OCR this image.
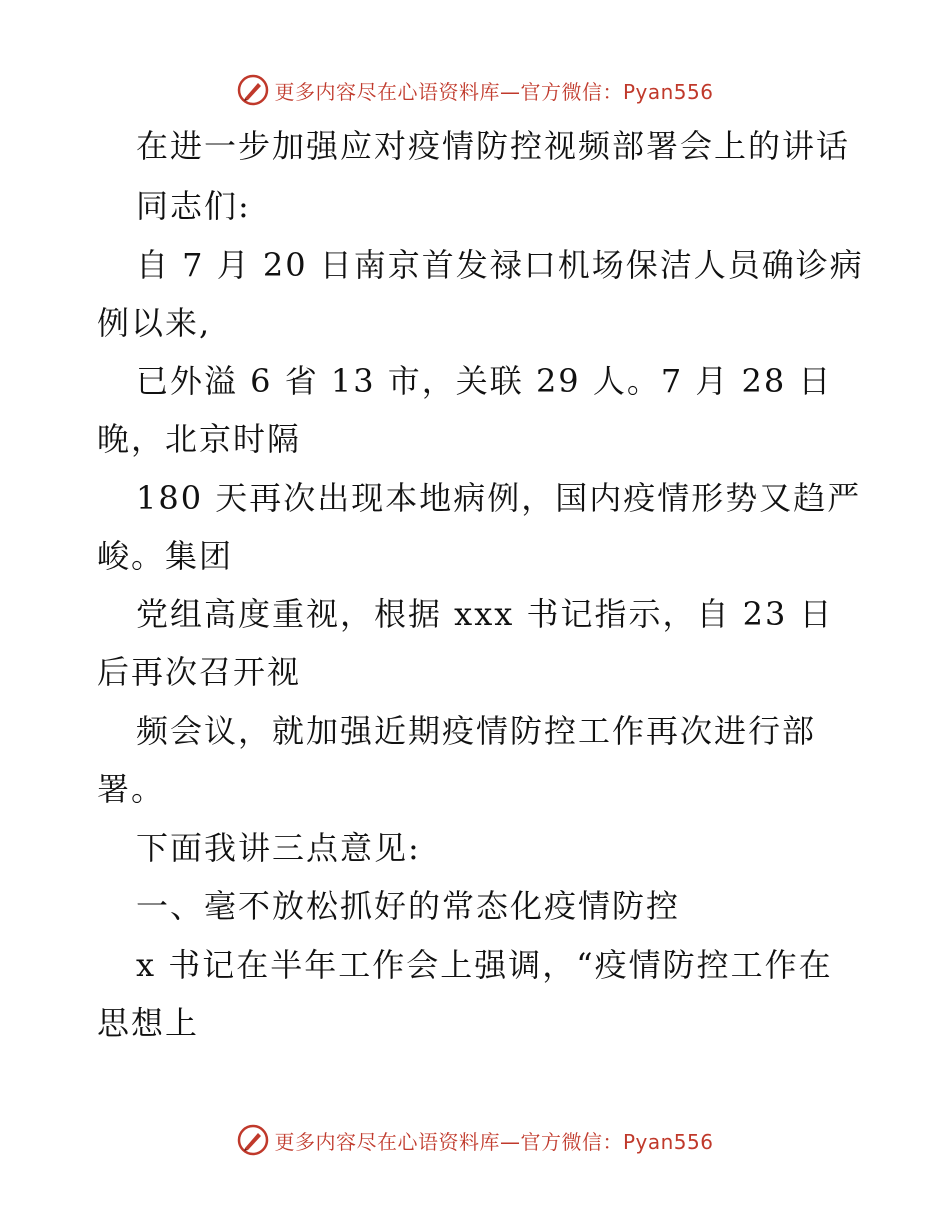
更多内容尽在心语资料库—官方微信：Pyan556
在进一步加强应对疫情防控视频部署会上的讲话
同志们:
自 7 月 20 日南京首发禄口机场保洁人员确诊病
例以来,
已外溢 6 省 13 市，关联 29 人。7 月 28 日
晚，北京时隔
180 天再次出现本地病例，国内疫情形势又趋严
峻。集团
党组高度重视，根据 xxx 书记指示，自 23 日
后再次召开视
频会议，就加强近期疫情防控工作再次进行部
署。
下面我讲三点意见:
一、毫不放松抓好的常态化疫情防控
x 书记在半年工作会上强调，“疫情防控工作在
思想上
更多内容尽在心语资料库—官方微信：Pyan556
